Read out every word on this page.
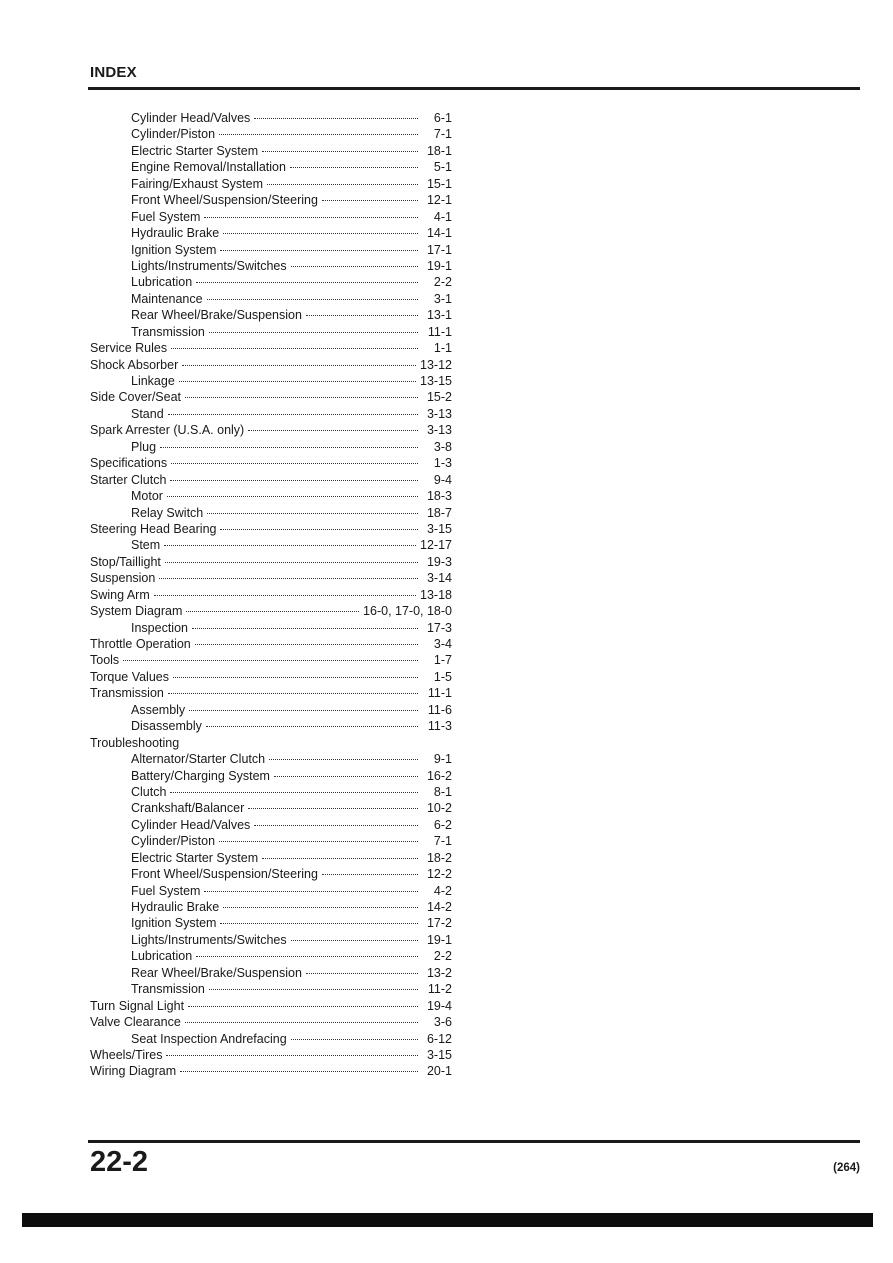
INDEX
Cylinder Head/Valves	6-1
Cylinder/Piston	7-1
Electric Starter System	18-1
Engine Removal/Installation	5-1
Fairing/Exhaust System	15-1
Front Wheel/Suspension/Steering	12-1
Fuel System	4-1
Hydraulic Brake	14-1
Ignition System	17-1
Lights/Instruments/Switches	19-1
Lubrication	2-2
Maintenance	3-1
Rear Wheel/Brake/Suspension	13-1
Transmission	11-1
Service Rules	1-1
Shock Absorber	13-12
Linkage	13-15
Side Cover/Seat	15-2
Stand	3-13
Spark Arrester (U.S.A. only)	3-13
Plug	3-8
Specifications	1-3
Starter Clutch	9-4
Motor	18-3
Relay Switch	18-7
Steering Head Bearing	3-15
Stem	12-17
Stop/Taillight	19-3
Suspension	3-14
Swing Arm	13-18
System Diagram	16-0, 17-0, 18-0
Inspection	17-3
Throttle Operation	3-4
Tools	1-7
Torque Values	1-5
Transmission	11-1
Assembly	11-6
Disassembly	11-3
Troubleshooting
Alternator/Starter Clutch	9-1
Battery/Charging System	16-2
Clutch	8-1
Crankshaft/Balancer	10-2
Cylinder Head/Valves	6-2
Cylinder/Piston	7-1
Electric Starter System	18-2
Front Wheel/Suspension/Steering	12-2
Fuel System	4-2
Hydraulic Brake	14-2
Ignition System	17-2
Lights/Instruments/Switches	19-1
Lubrication	2-2
Rear Wheel/Brake/Suspension	13-2
Transmission	11-2
Turn Signal Light	19-4
Valve Clearance	3-6
Seat Inspection Andrefacing	6-12
Wheels/Tires	3-15
Wiring Diagram	20-1
22-2	(264)
